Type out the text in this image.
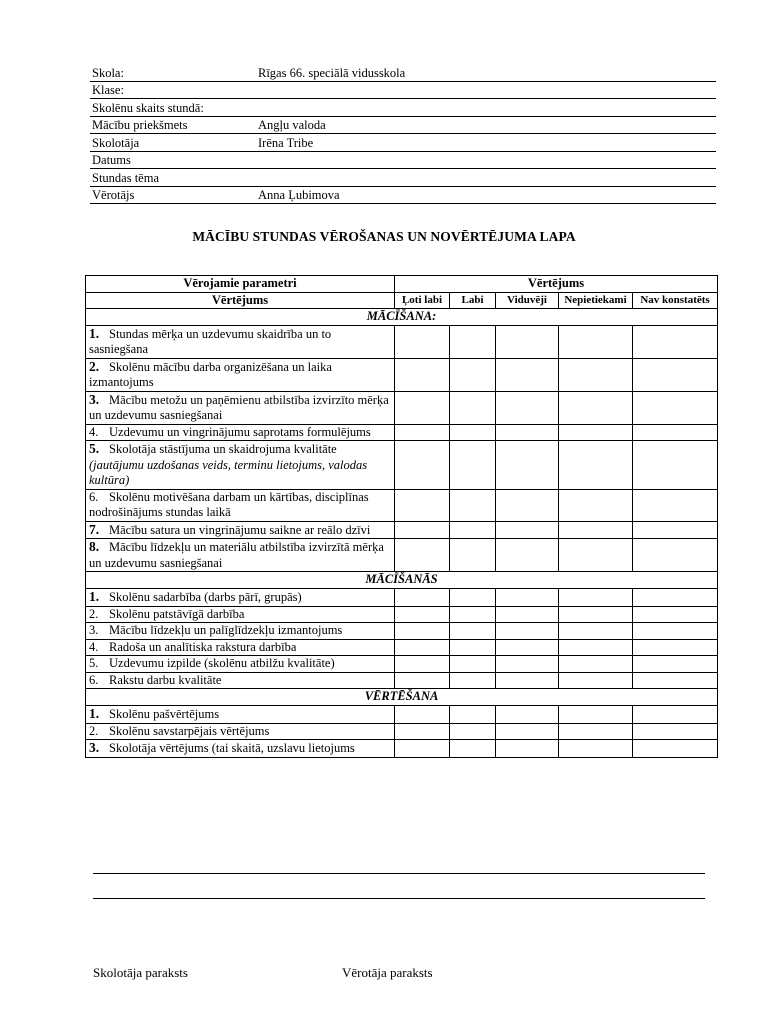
Skola:	Rīgas 66. speciālā vidusskola
Klase:	
Skolēnu skaits stundā:	
Mācību priekšmets	Angļu valoda
Skolotāja	Irēna Tribe
Datums	
Stundas tēma	
Vērotājs	Anna Ļubimova
MĀCĪBU STUNDAS VĒROŠANAS UN NOVĒRTĒJUMA LAPA
Vērojamie parametri	Vērtējums				
Vērtējums	Ļoti labi	Labi	Viduvēji	Nepietiekami	Nav konstatēts
MĀCĪŠANA:					
1. Stundas mērķa un uzdevumu skaidrība un to sasniegšana					
2. Skolēnu mācību darba organizēšana un laika izmantojums					
3. Mācību metožu un paņēmienu atbilstība izvirzīto mērķa un uzdevumu sasniegšanai					
4. Uzdevumu un vingrinājumu saprotams formulējums					
5. Skolotāja stāstījuma un skaidrojuma kvalitāte (jautājumu uzdošanas veids, terminu lietojums, valodas kultūra)					
6. Skolēnu motivēšana darbam un kārtības, disciplīnas nodrošinājums stundas laikā					
7. Mācību satura un vingrinājumu saikne ar reālo dzīvi					
8. Mācību līdzekļu un materiālu atbilstība izvirzītā mērķa un uzdevumu sasniegšanai					
MĀCĪŠANĀS					
1. Skolēnu sadarbība (darbs pārī, grupās)					
2. Skolēnu patstāvīgā darbība					
3. Mācību līdzekļu un palīglīdzekļu izmantojums					
4. Radoša un analītiska rakstura darbība					
5. Uzdevumu izpilde (skolēnu atbilžu kvalitāte)					
6. Rakstu darbu kvalitāte					
VĒRTĒŠANA					
1. Skolēnu pašvērtējums					
2. Skolēnu savstarpējais vērtējums					
3. Skolotāja vērtējums (tai skaitā, uzslavu lietojums					
Skolotāja paraksts	Vērotāja paraksts
